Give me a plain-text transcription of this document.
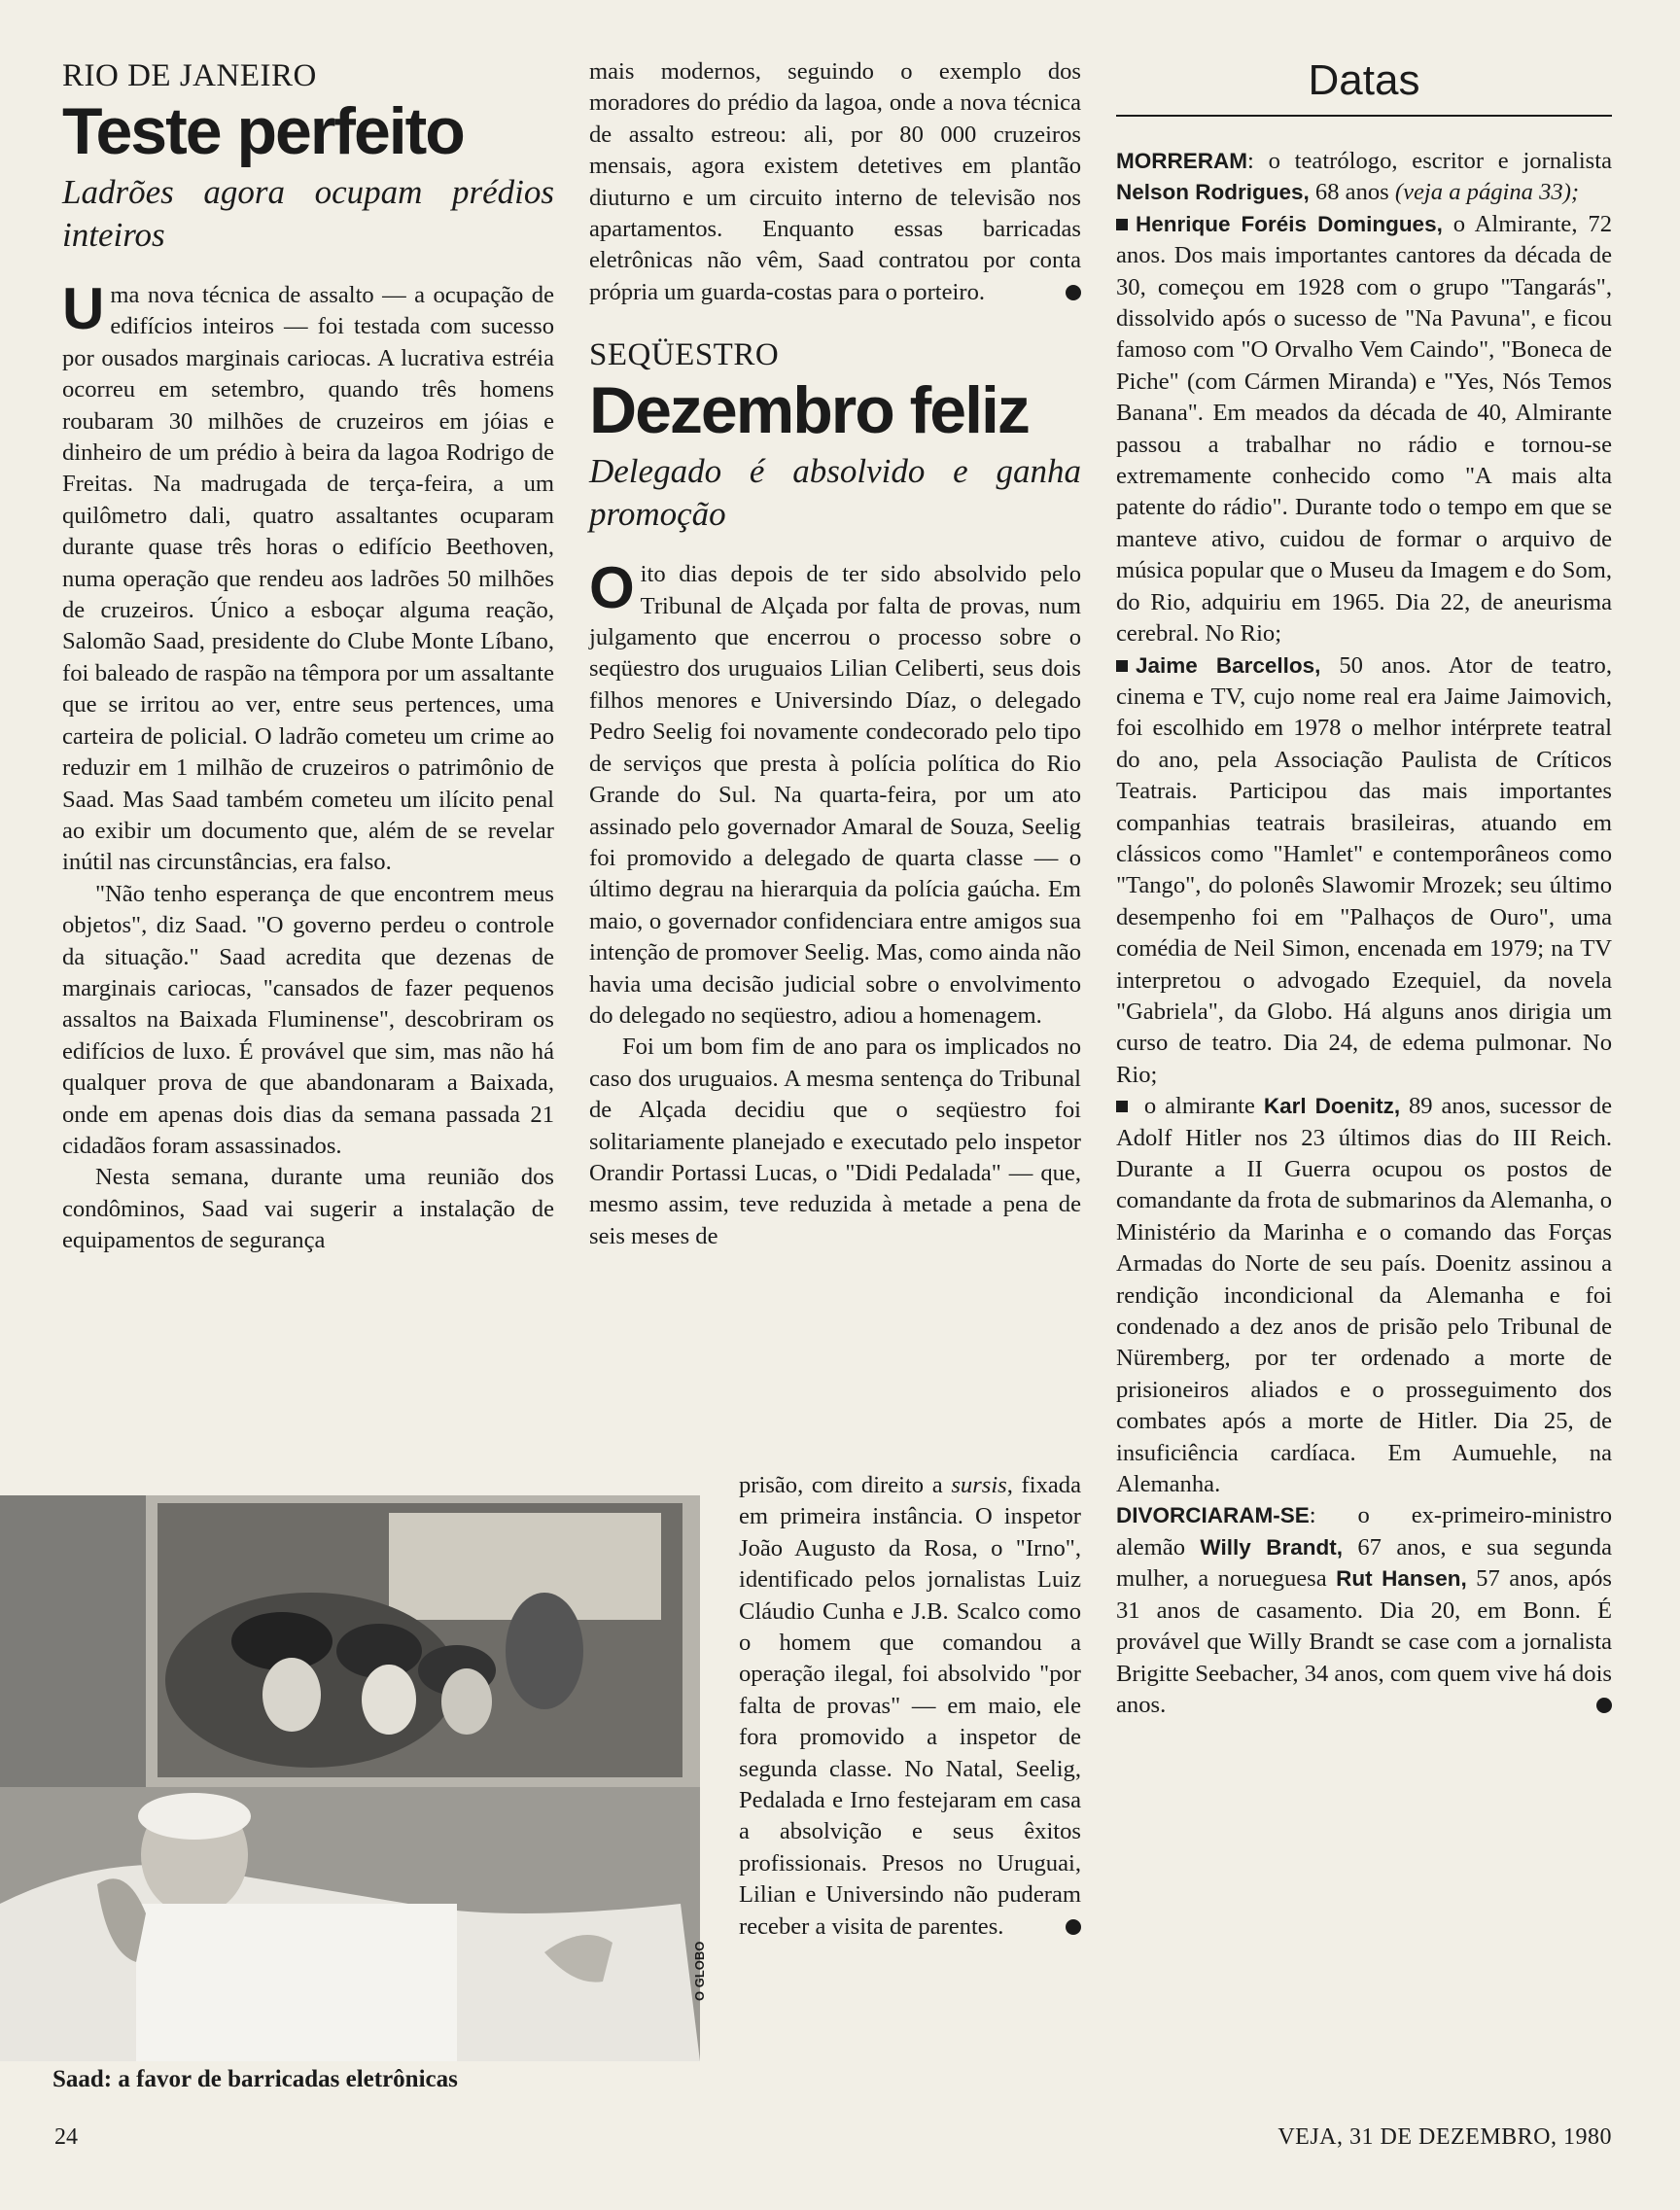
RIO DE JANEIRO
Teste perfeito
Ladrões agora ocupam prédios inteiros

Uma nova técnica de assalto — a ocupação de edifícios inteiros — foi testada com sucesso por ousados marginais cariocas. A lucrativa estréia ocorreu em setembro, quando três homens roubaram 30 milhões de cruzeiros em jóias e dinheiro de um prédio à beira da lagoa Rodrigo de Freitas. Na madrugada de terça-feira, a um quilômetro dali, quatro assaltantes ocuparam durante quase três horas o edifício Beethoven, numa operação que rendeu aos ladrões 50 milhões de cruzeiros. Único a esboçar alguma reação, Salomão Saad, presidente do Clube Monte Líbano, foi baleado de raspão na têmpora por um assaltante que se irritou ao ver, entre seus pertences, uma carteira de policial. O ladrão cometeu um crime ao reduzir em 1 milhão de cruzeiros o patrimônio de Saad. Mas Saad também cometeu um ilícito penal ao exibir um documento que, além de se revelar inútil nas circunstâncias, era falso.

"Não tenho esperança de que encontrem meus objetos", diz Saad. "O governo perdeu o controle da situação." Saad acredita que dezenas de marginais cariocas, "cansados de fazer pequenos assaltos na Baixada Fluminense", descobriram os edifícios de luxo. É provável que sim, mas não há qualquer prova de que abandonaram a Baixada, onde em apenas dois dias da semana passada 21 cidadãos foram assassinados.

Nesta semana, durante uma reunião dos condôminos, Saad vai sugerir a instalação de equipamentos de segurança

mais modernos, seguindo o exemplo dos moradores do prédio da lagoa, onde a nova técnica de assalto estreou: ali, por 80 000 cruzeiros mensais, agora existem detetives em plantão diuturno e um circuito interno de televisão nos apartamentos. Enquanto essas barricadas eletrônicas não vêm, Saad contratou por conta própria um guarda-costas para o porteiro.

SEQÜESTRO
Dezembro feliz
Delegado é absolvido e ganha promoção

Oito dias depois de ter sido absolvido pelo Tribunal de Alçada por falta de provas, num julgamento que encerrou o processo sobre o seqüestro dos uruguaios Lilian Celiberti, seus dois filhos menores e Universindo Díaz, o delegado Pedro Seelig foi novamente condecorado pelo tipo de serviços que presta à polícia política do Rio Grande do Sul. Na quarta-feira, por um ato assinado pelo governador Amaral de Souza, Seelig foi promovido a delegado de quarta classe — o último degrau na hierarquia da polícia gaúcha. Em maio, o governador confidenciara entre amigos sua intenção de promover Seelig. Mas, como ainda não havia uma decisão judicial sobre o envolvimento do delegado no seqüestro, adiou a homenagem.

Foi um bom fim de ano para os implicados no caso dos uruguaios. A mesma sentença do Tribunal de Alçada decidiu que o seqüestro foi solitariamente planejado e executado pelo inspetor Orandir Portassi Lucas, o "Didi Pedalada" — que, mesmo assim, teve reduzida à metade a pena de seis meses de

prisão, com direito a sursis, fixada em primeira instância. O inspetor João Augusto da Rosa, o "Irno", identificado pelos jornalistas Luiz Cláudio Cunha e J.B. Scalco como o homem que comandou a operação ilegal, foi absolvido "por falta de provas" — em maio, ele fora promovido a inspetor de segunda classe. No Natal, Seelig, Pedalada e Irno festejaram em casa a absolvição e seus êxitos profissionais. Presos no Uruguai, Lilian e Universindo não puderam receber a visita de parentes.
O GLOBO
Saad: a favor de barricadas eletrônicas
Datas

MORRERAM: o teatrólogo, escritor e jornalista Nelson Rodrigues, 68 anos (veja a página 33);

Henrique Foréis Domingues, o Almirante, 72 anos. Dos mais importantes cantores da década de 30, começou em 1928 com o grupo "Tangarás", dissolvido após o sucesso de "Na Pavuna", e ficou famoso com "O Orvalho Vem Caindo", "Boneca de Piche" (com Cármen Miranda) e "Yes, Nós Temos Banana". Em meados da década de 40, Almirante passou a trabalhar no rádio e tornou-se extremamente conhecido como "A mais alta patente do rádio". Durante todo o tempo em que se manteve ativo, cuidou de formar o arquivo de música popular que o Museu da Imagem e do Som, do Rio, adquiriu em 1965. Dia 22, de aneurisma cerebral. No Rio;

Jaime Barcellos, 50 anos. Ator de teatro, cinema e TV, cujo nome real era Jaime Jaimovich, foi escolhido em 1978 o melhor intérprete teatral do ano, pela Associação Paulista de Críticos Teatrais. Participou das mais importantes companhias teatrais brasileiras, atuando em clássicos como "Hamlet" e contemporâneos como "Tango", do polonês Slawomir Mrozek; seu último desempenho foi em "Palhaços de Ouro", uma comédia de Neil Simon, encenada em 1979; na TV interpretou o advogado Ezequiel, da novela "Gabriela", da Globo. Há alguns anos dirigia um curso de teatro. Dia 24, de edema pulmonar. No Rio;

o almirante Karl Doenitz, 89 anos, sucessor de Adolf Hitler nos 23 últimos dias do III Reich. Durante a II Guerra ocupou os postos de comandante da frota de submarinos da Alemanha, o Ministério da Marinha e o comando das Forças Armadas do Norte de seu país. Doenitz assinou a rendição incondicional da Alemanha e foi condenado a dez anos de prisão pelo Tribunal de Nüremberg, por ter ordenado a morte de prisioneiros aliados e o prosseguimento dos combates após a morte de Hitler. Dia 25, de insuficiência cardíaca. Em Aumuehle, na Alemanha.

DIVORCIARAM-SE: o ex-primeiro-ministro alemão Willy Brandt, 67 anos, e sua segunda mulher, a norueguesa Rut Hansen, 57 anos, após 31 anos de casamento. Dia 20, em Bonn. É provável que Willy Brandt se case com a jornalista Brigitte Seebacher, 34 anos, com quem vive há dois anos.

24	VEJA, 31 DE DEZEMBRO, 1980
